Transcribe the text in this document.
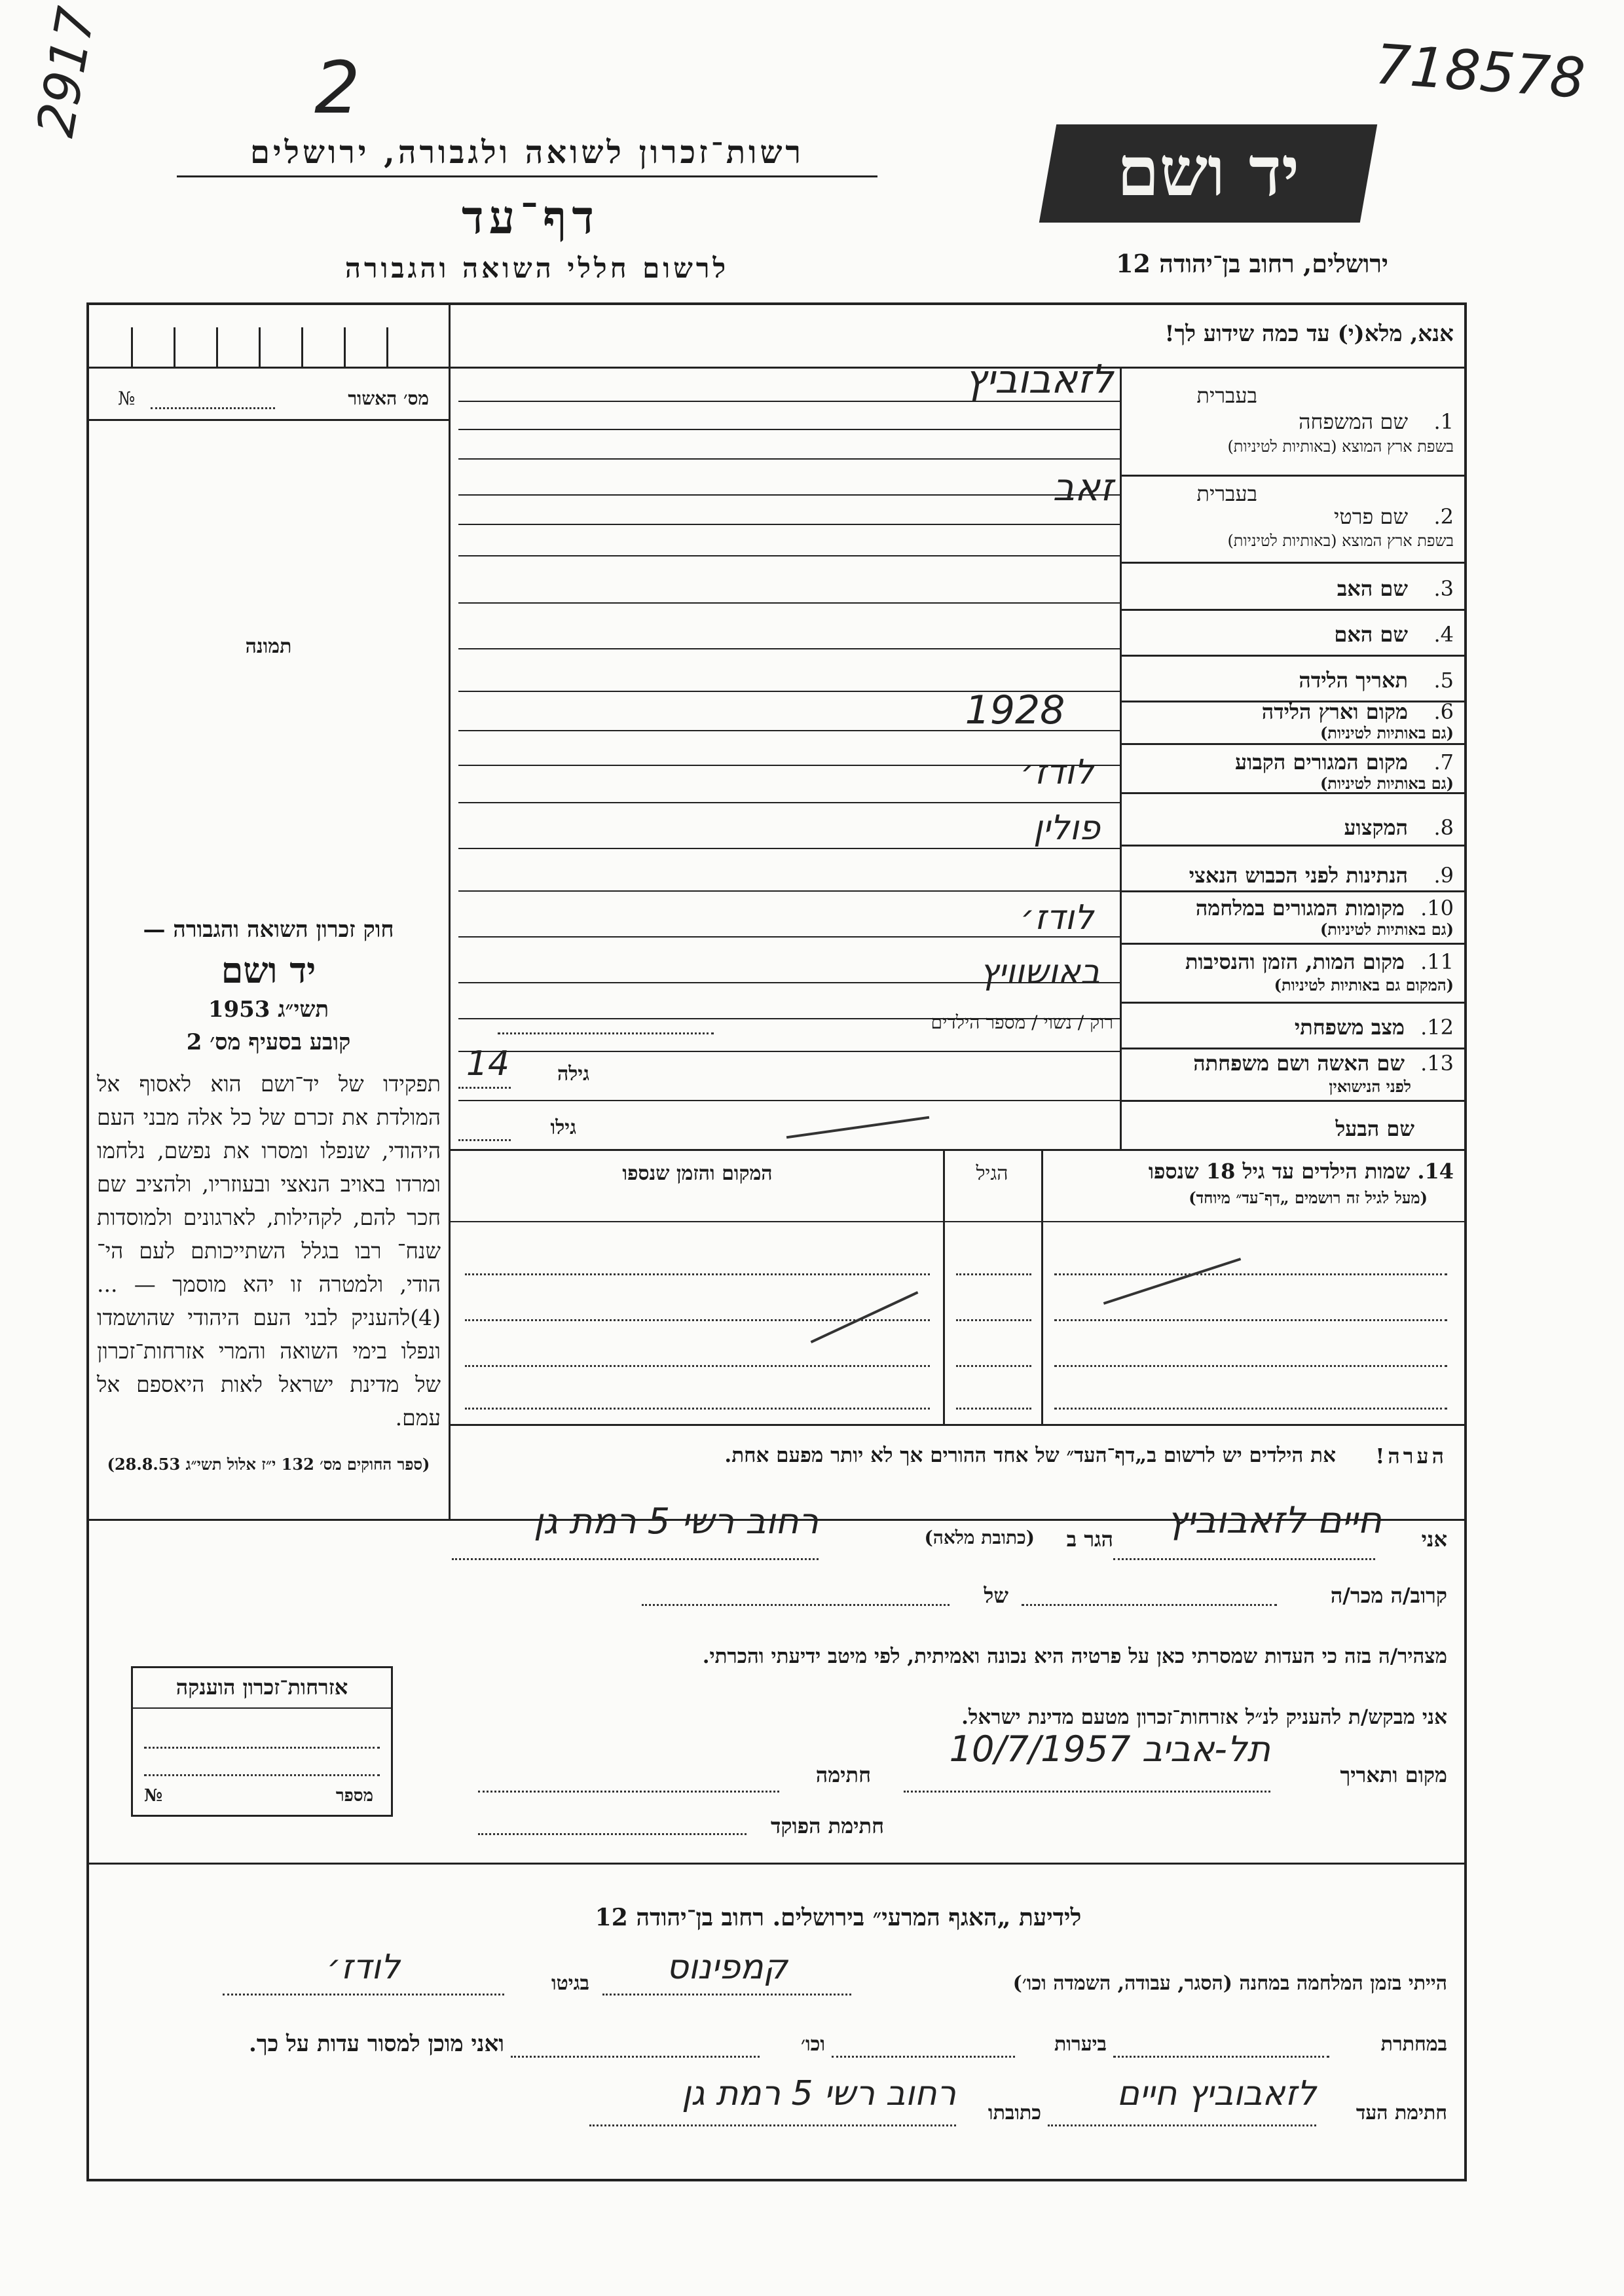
718578
2917	2
יד ושם
רשות־זכרון לשואה ולגבורה, ירושלים
דף־עד
לרשום חללי השואה והגבורה	ירושלים, רחוב בן־יהודה 12
מס׳ האשור
№
תמונה
חוק זכרון השואה והגבורה —
יד ושם
תשי״ג 1953
קובע בסעיף מס׳ 2
תפקידו של יד־ושם הוא לאסוף אל המולדת את זכרם של כל אלה מבני העם היהודי, שנפלו ומסרו את נפשם, נלחמו ומרדו באויב הנאצי ובעוזריו, ולהציב שם חכר להם, לקהילות, לארגונים ולמוסדות שנח־ רבו בגלל השתייכותם לעם הי־ הודי, ולמטרה זו יהא מוסמך — ...(4)להעניק לבני העם היהודי שהושמדו ונפלו בימי השואה והמרי אזרחות־זכרון של מדינת ישראל לאות היאספם אל עמם.
(ספר החוקים מס׳ 132 י״ז אלול תשי״ג 28.8.53)
אנא, מלא(י) עד כמה שידוע לך!
בעברית
1.
שם המשפחה
בשפת ארץ המוצא (באותיות לטיניות)
בעברית
2.
שם פרטי
בשפת ארץ המוצא (באותיות לטיניות)
3.
שם האב
4.
שם האם
5.
תאריך הלידה
6.
מקום וארץ הלידה
(גם באותיות לטיניות)
7.
מקום המגורים הקבוע
(גם באותיות לטיניות)
8.
המקצוע
9.
הנתינות לפני הכבוש הנאצי
10.
מקומות המגורים במלחמה
(גם באותיות לטיניות)
11.
מקום המות, הזמן והנסיבות
(המקום גם באותיות לטיניות)
12.
מצב משפחתי
13.
שם האשה ושם משפחתה
לפני הנישואין
שם הבעל
לזאבוביץ
זאב
1928
לודז׳
פולין
לודז׳
באושוויץ
רוק / נשוי / מספר הילדים
גילה
14
גילו
14. שמות הילדים עד גיל 18 שנספו
(מעל לגיל זה רושמים „דף־עד״ מיוחד)
הגיל
המקום והזמן שנספו
הערה!
את הילדים יש לרשום ב„דף־העד״ של אחד ההורים אך לא יותר מפעם אחת.
אני
חיים לזאבוביץ
הגר ב
(כתובת מלאה)
רחוב רשי 5 רמת גן
קרוב/ה מכר/ה
של
מצהיר/ה בזה כי העדות שמסרתי כאן על פרטיה היא נכונה ואמיתית, לפי מיטב ידיעתי והכרתי.
אני מבקש/ת להעניק לנ״ל אזרחות־זכרון מטעם מדינת ישראל.
מקום ותאריך
תל-אביב 10/7/1957
חתימה
חתימת הפוקד
אזרחות־זכרון הוענקה
מספר
№
לידיעת „האגף המרעי״ בירושלים. רחוב בן־יהודה 12
הייתי בזמן המלחמה במחנה (הסגר, עבודה, השמדה וכו׳)
קמפינוס
בגיטו
לודז׳
במחתרת
ביערות
וכו׳
ואני מוכן למסור עדות על כך.
חתימת העד
לזאבוביץ חיים
כתובתו
רחוב רשי 5 רמת גן
